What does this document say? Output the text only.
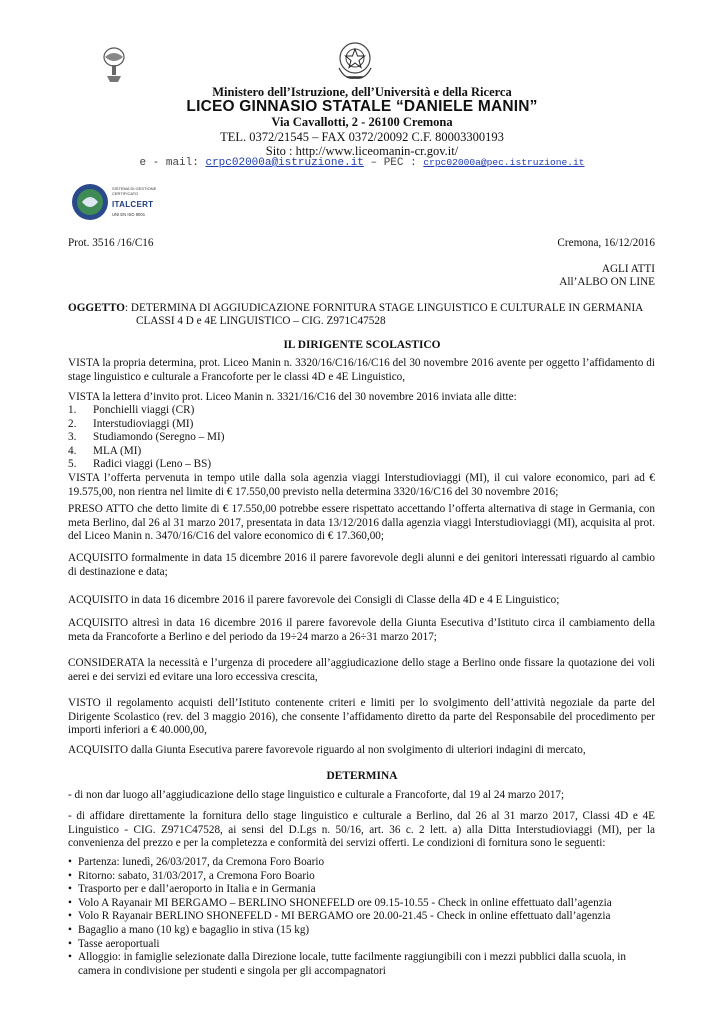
Ministero dell’Istruzione, dell’Università e della Ricerca
LICEO GINNASIO STATALE “DANIELE MANIN”
Via Cavallotti, 2 - 26100 Cremona
TEL. 0372/21545 – FAX 0372/20092 C.F. 80003300193
Sito : http://www.liceomanin-cr.gov.it/
e - mail: crpc02000a@istruzione.it – PEC : crpc02000a@pec.istruzione.it
SISTEMA DI GESTIONE CERTIFICATO
ITALCERT
UNI EN ISO 9001
Prot. 3516 /16/C16	Cremona, 16/12/2016
AGLI ATTI
All’ALBO ON LINE
OGGETTO: DETERMINA DI AGGIUDICAZIONE FORNITURA STAGE LINGUISTICO E CULTURALE IN GERMANIA
CLASSI 4 D e 4E LINGUISTICO – CIG. Z971C47528
IL DIRIGENTE SCOLASTICO
VISTA la propria determina, prot. Liceo Manin n. 3320/16/C16/16/C16 del 30 novembre 2016 avente per oggetto l’affidamento di stage linguistico e culturale a Francoforte per le classi 4D e 4E Linguistico,
VISTA la lettera d’invito prot. Liceo Manin n. 3321/16/C16 del 30 novembre 2016 inviata alle ditte:
1. Ponchielli viaggi (CR)
2. Interstudioviaggi (MI)
3. Studiamondo (Seregno – MI)
4. MLA (MI)
5. Radici viaggi (Leno – BS)
VISTA l’offerta pervenuta in tempo utile dalla sola agenzia viaggi Interstudioviaggi (MI), il cui valore economico, pari ad € 19.575,00, non rientra nel limite di € 17.550,00 previsto nella determina 3320/16/C16 del 30 novembre 2016;
PRESO ATTO che detto limite di € 17.550,00 potrebbe essere rispettato accettando l’offerta alternativa di stage in Germania, con meta Berlino, dal 26 al 31 marzo 2017, presentata in data 13/12/2016 dalla agenzia viaggi Interstudioviaggi (MI), acquisita al prot. del Liceo Manin n. 3470/16/C16 del valore economico di € 17.360,00;
ACQUISITO formalmente in data 15 dicembre 2016 il parere favorevole degli alunni e dei genitori interessati riguardo al cambio di destinazione e data;
ACQUISITO in data 16 dicembre 2016 il parere favorevole dei Consigli di Classe della 4D e 4 E Linguistico;
ACQUISITO altresì in data 16 dicembre 2016 il parere favorevole della Giunta Esecutiva d’Istituto circa il cambiamento della meta da Francoforte a Berlino e del periodo da 19÷24 marzo a 26÷31 marzo 2017;
CONSIDERATA la necessità e l’urgenza di procedere all’aggiudicazione dello stage a Berlino onde fissare la quotazione dei voli aerei e dei servizi ed evitare una loro eccessiva crescita,
VISTO il regolamento acquisti dell’Istituto contenente criteri e limiti per lo svolgimento dell’attività negoziale da parte del Dirigente Scolastico (rev. del 3 maggio 2016), che consente l’affidamento diretto da parte del Responsabile del procedimento per importi inferiori a € 40.000,00,
ACQUISITO dalla Giunta Esecutiva parere favorevole riguardo al non svolgimento di ulteriori indagini di mercato,
DETERMINA
- di non dar luogo all’aggiudicazione dello stage linguistico e culturale a Francoforte, dal 19 al 24 marzo 2017;
- di affidare direttamente la fornitura dello stage linguistico e culturale a Berlino, dal 26 al 31 marzo 2017, Classi 4D e 4E Linguistico - CIG. Z971C47528, ai sensi del D.Lgs n. 50/16, art. 36 c. 2 lett. a) alla Ditta Interstudioviaggi (MI), per la convenienza del prezzo e per la completezza e conformità dei servizi offerti. Le condizioni di fornitura sono le seguenti:
• Partenza: lunedì, 26/03/2017, da Cremona Foro Boario
• Ritorno: sabato, 31/03/2017, a Cremona Foro Boario
• Trasporto per e dall’aeroporto in Italia e in Germania
• Volo A Rayanair MI BERGAMO – BERLINO SHONEFELD ore 09.15-10.55 - Check in online effettuato dall’agenzia
• Volo R Rayanair BERLINO SHONEFELD - MI BERGAMO ore 20.00-21.45 - Check in online effettuato dall’agenzia
• Bagaglio a mano (10 kg) e bagaglio in stiva (15 kg)
• Tasse aeroportuali
• Alloggio: in famiglie selezionate dalla Direzione locale, tutte facilmente raggiungibili con i mezzi pubblici dalla scuola, in camera in condivisione per studenti e singola per gli accompagnatori
